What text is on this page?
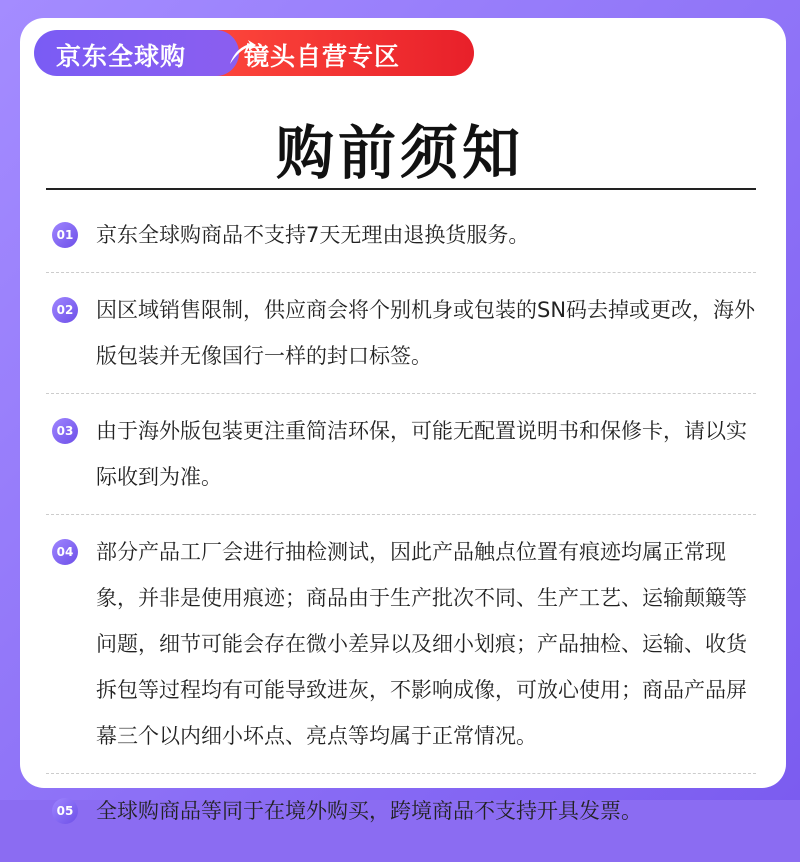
镜头自营专区
京东全球购
购前须知
01 京东全球购商品不支持7天无理由退换货服务。
02 因区域销售限制，供应商会将个别机身或包装的SN码去掉或更改，海外版包装并无像国行一样的封口标签。
03 由于海外版包装更注重简洁环保，可能无配置说明书和保修卡，请以实际收到为准。
04 部分产品工厂会进行抽检测试，因此产品触点位置有痕迹均属正常现象，并非是使用痕迹；商品由于生产批次不同、生产工艺、运输颠簸等问题，细节可能会存在微小差异以及细小划痕；产品抽检、运输、收货拆包等过程均有可能导致进灰，不影响成像，可放心使用；商品产品屏幕三个以内细小坏点、亮点等均属于正常情况。
05 全球购商品等同于在境外购买，跨境商品不支持开具发票。
